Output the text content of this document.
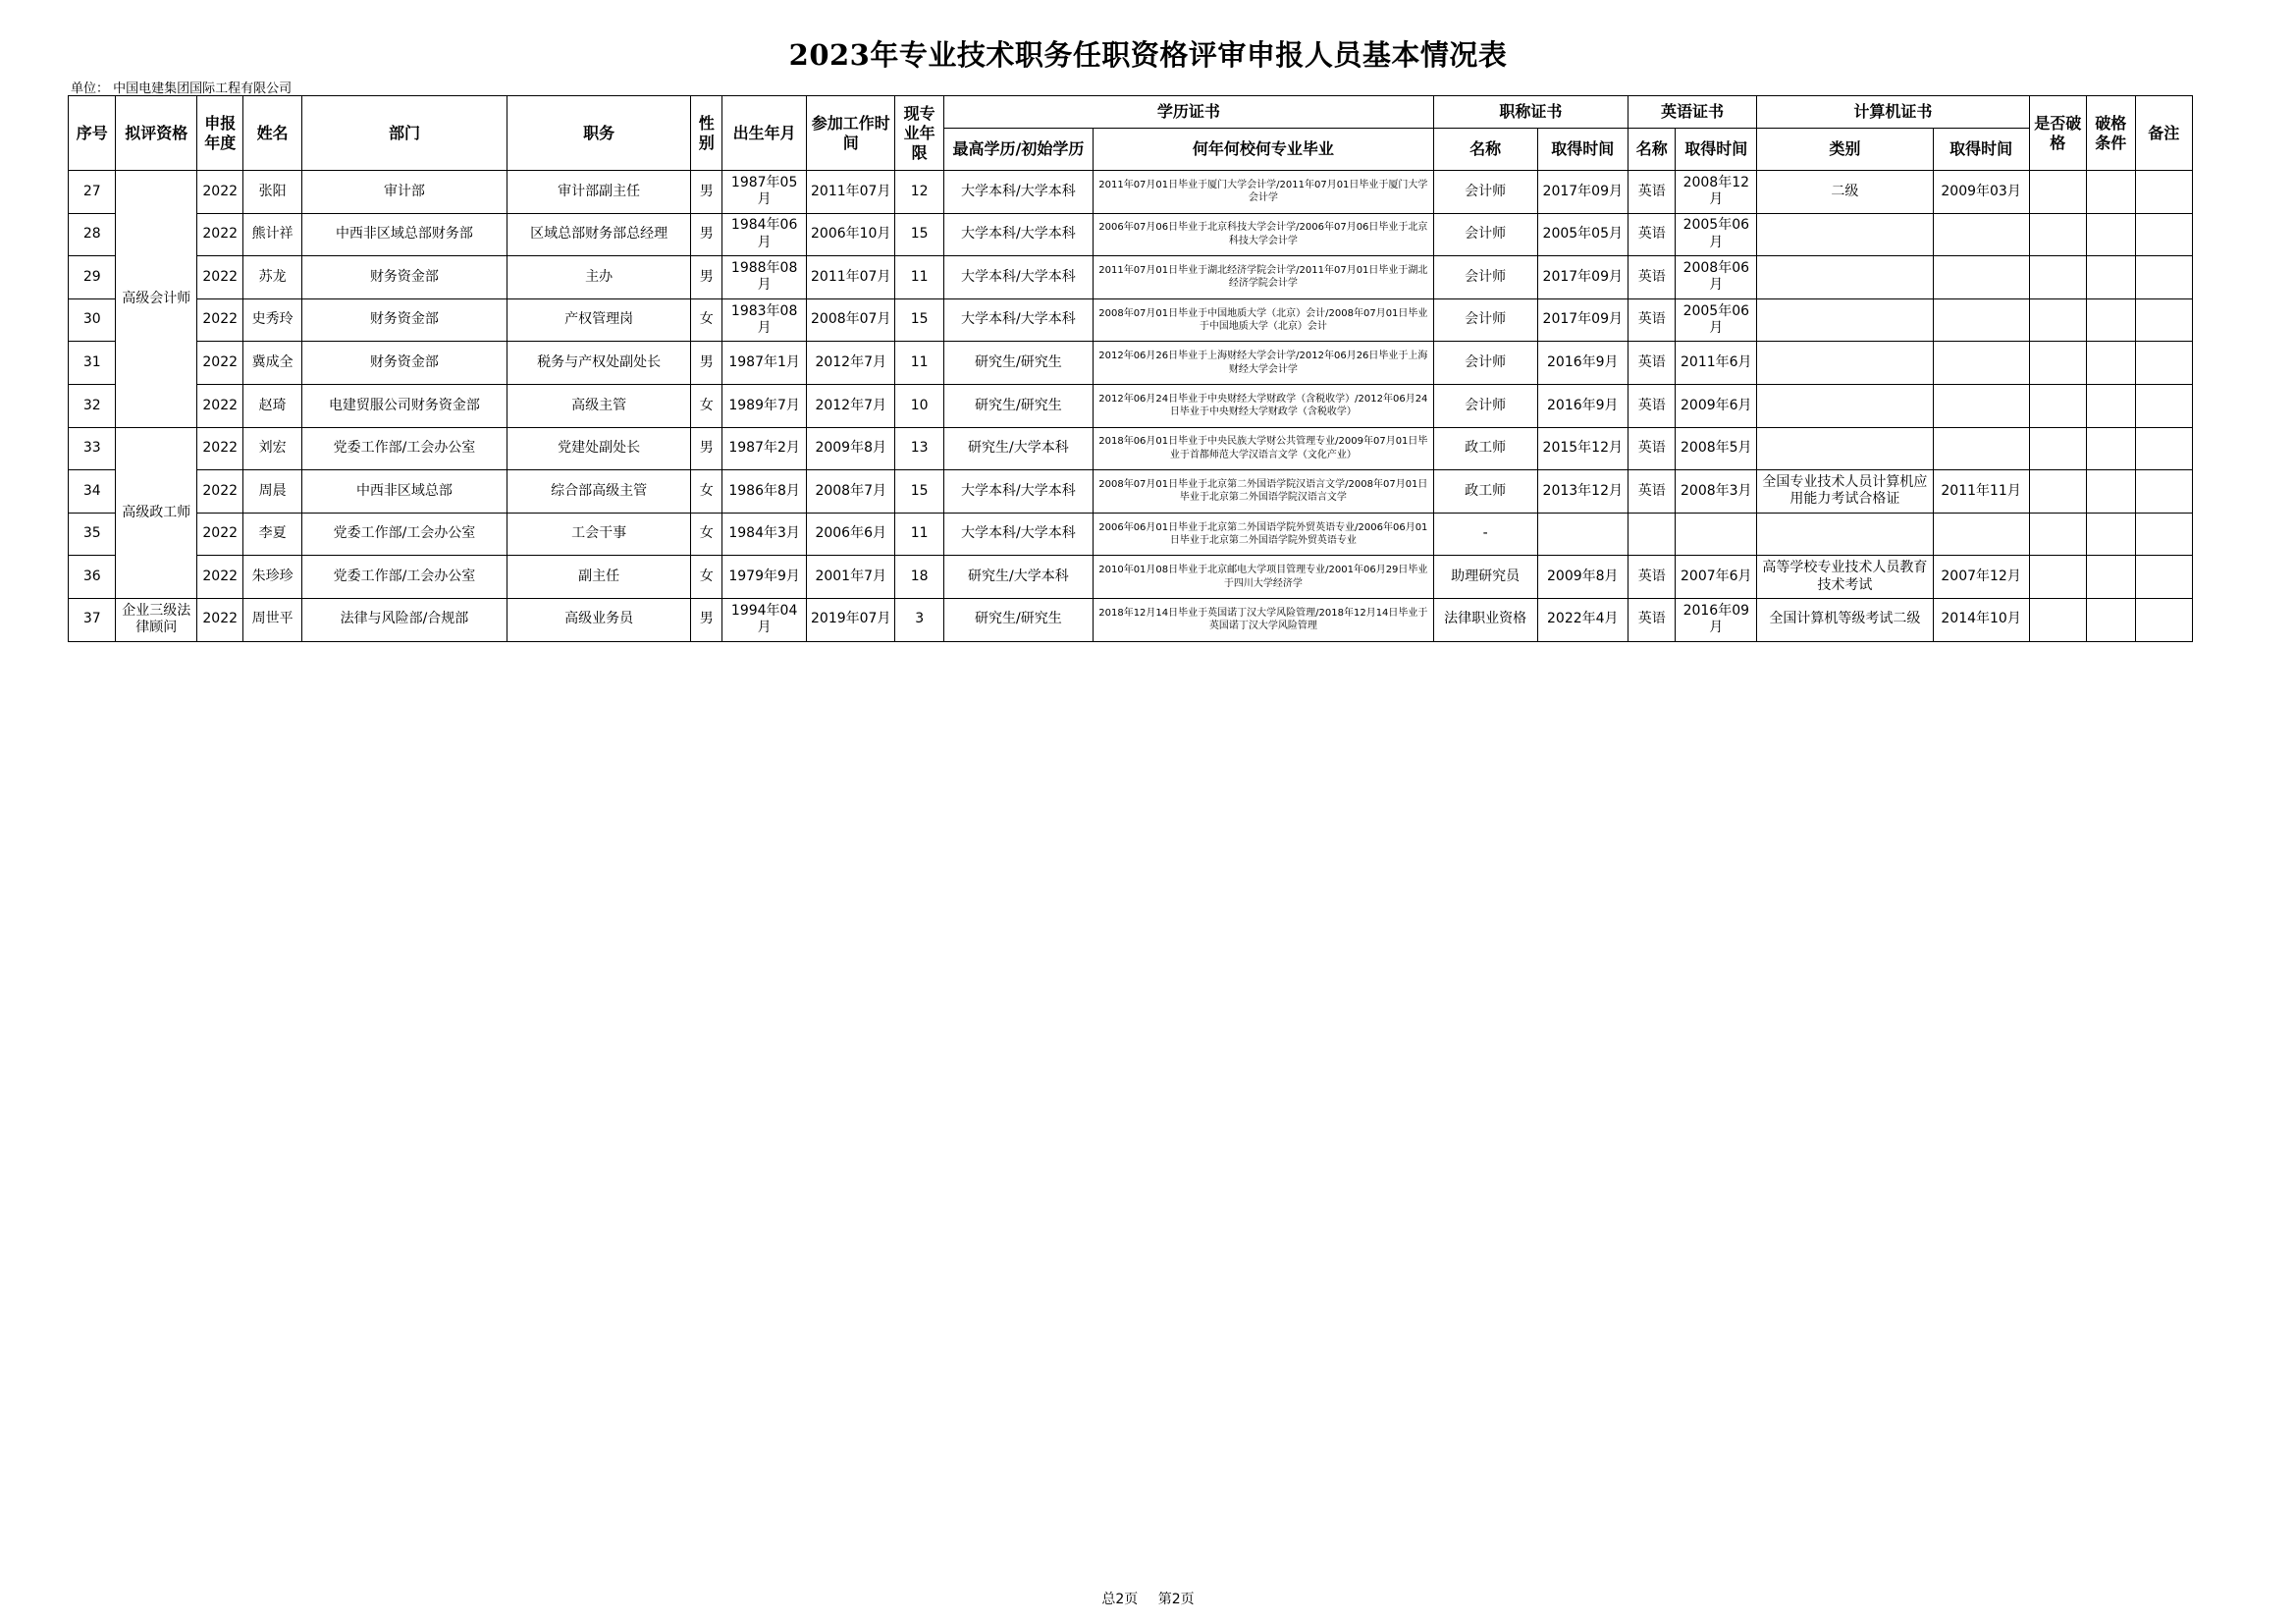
2023年专业技术职务任职资格评审申报人员基本情况表
单位： 中国电建集团国际工程有限公司
序号	拟评资格	申报年度	姓名	部门	职务	性别	出生年月	参加工作时间	现专业年限	学历证书		职称证书		英语证书		计算机证书		是否破格	破格条件	备注
										最高学历/初始学历	何年何校何专业毕业	名称	取得时间	名称	取得时间	类别	取得时间			
27	高级会计师	2022	张阳	审计部	审计部副主任	男	1987年05月	2011年07月	12	大学本科/大学本科	2011年07月01日毕业于厦门大学会计学/2011年07月01日毕业于厦门大学会计学	会计师	2017年09月	英语	2008年12月	二级	2009年03月			
28		2022	熊计祥	中西非区域总部财务部	区域总部财务部总经理	男	1984年06月	2006年10月	15	大学本科/大学本科	2006年07月06日毕业于北京科技大学会计学/2006年07月06日毕业于北京科技大学会计学	会计师	2005年05月	英语	2005年06月					
29		2022	苏龙	财务资金部	主办	男	1988年08月	2011年07月	11	大学本科/大学本科	2011年07月01日毕业于湖北经济学院会计学/2011年07月01日毕业于湖北经济学院会计学	会计师	2017年09月	英语	2008年06月					
30		2022	史秀玲	财务资金部	产权管理岗	女	1983年08月	2008年07月	15	大学本科/大学本科	2008年07月01日毕业于中国地质大学（北京）会计/2008年07月01日毕业于中国地质大学（北京）会计	会计师	2017年09月	英语	2005年06月					
31		2022	冀成全	财务资金部	税务与产权处副处长	男	1987年1月	2012年7月	11	研究生/研究生	2012年06月26日毕业于上海财经大学会计学/2012年06月26日毕业于上海财经大学会计学	会计师	2016年9月	英语	2011年6月					
32		2022	赵琦	电建贸服公司财务资金部	高级主管	女	1989年7月	2012年7月	10	研究生/研究生	2012年06月24日毕业于中央财经大学财政学（含税收学）/2012年06月24日毕业于中央财经大学财政学（含税收学）	会计师	2016年9月	英语	2009年6月					
33	高级政工师	2022	刘宏	党委工作部/工会办公室	党建处副处长	男	1987年2月	2009年8月	13	研究生/大学本科	2018年06月01日毕业于中央民族大学财公共管理专业/2009年07月01日毕业于首都师范大学汉语言文学（文化产业）	政工师	2015年12月	英语	2008年5月					
34		2022	周晨	中西非区域总部	综合部高级主管	女	1986年8月	2008年7月	15	大学本科/大学本科	2008年07月01日毕业于北京第二外国语学院汉语言文学/2008年07月01日毕业于北京第二外国语学院汉语言文学	政工师	2013年12月	英语	2008年3月	全国专业技术人员计算机应用能力考试合格证	2011年11月			
35		2022	李夏	党委工作部/工会办公室	工会干事	女	1984年3月	2006年6月	11	大学本科/大学本科	2006年06月01日毕业于北京第二外国语学院外贸英语专业/2006年06月01日毕业于北京第二外国语学院外贸英语专业	-								
36		2022	朱珍珍	党委工作部/工会办公室	副主任	女	1979年9月	2001年7月	18	研究生/大学本科	2010年01月08日毕业于北京邮电大学项目管理专业/2001年06月29日毕业于四川大学经济学	助理研究员	2009年8月	英语	2007年6月	高等学校专业技术人员教育技术考试	2007年12月			
37	企业三级法律顾问	2022	周世平	法律与风险部/合规部	高级业务员	男	1994年04月	2019年07月	3	研究生/研究生	2018年12月14日毕业于英国诺丁汉大学风险管理/2018年12月14日毕业于英国诺丁汉大学风险管理	法律职业资格	2022年4月	英语	2016年09月	全国计算机等级考试二级	2014年10月			
总2页 第2页
